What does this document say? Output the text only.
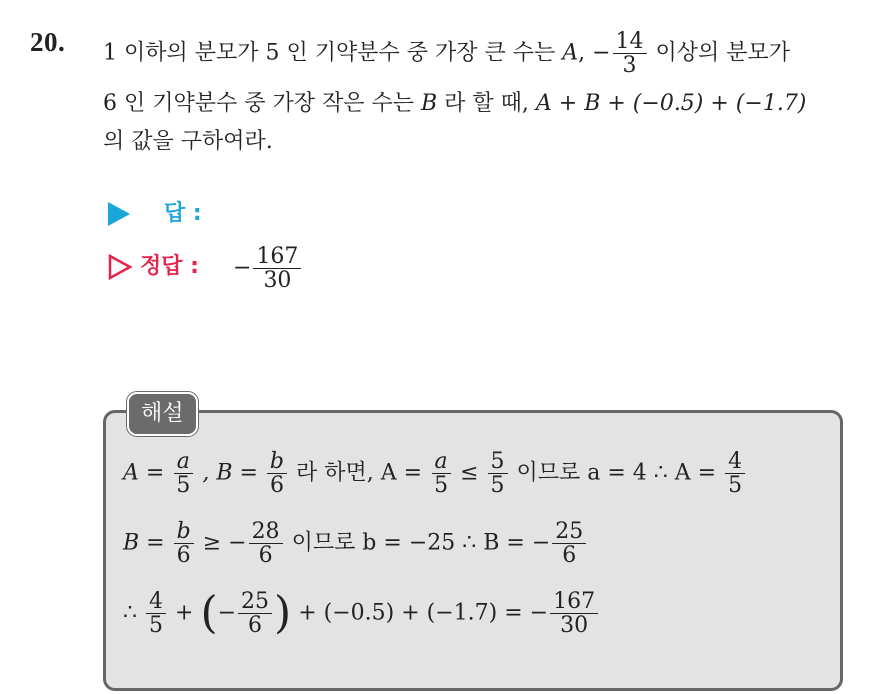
20. 1 이하의 분모가 5 인 기약분수 중 가장 큰 수는 A, − $\frac{14}{3}$ 이상의 분모가
6 인 기약분수 중 가장 작은 수는 B 라 할 때, A + B + (−0.5) + (−1.7)
의 값을 구하여라.
답 :
정답 : − $\frac{167}{30}$
해설
$A = \frac{a}{5}$ , $B = \frac{b}{6}$ 라 하면, $A = \frac{a}{5} \le \frac{5}{5}$ 이므로 a = 4 ∴ $A = \frac{4}{5}$
$B = \frac{b}{6}$ ≥ − $\frac{28}{6}$ 이므로 b = −25 ∴ B = − $\frac{25}{6}$
∴ $\frac{4}{5}$ + (− $\frac{25}{6}$ ) + (−0.5) + (−1.7) = − $\frac{167}{30}$
